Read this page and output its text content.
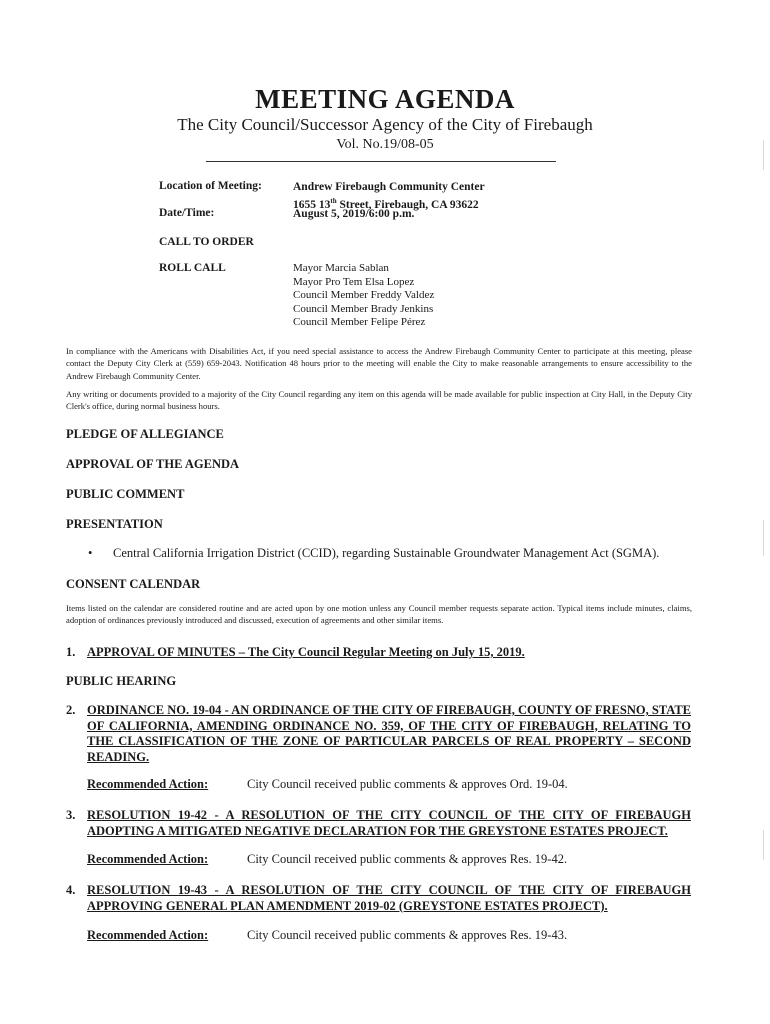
MEETING AGENDA
The City Council/Successor Agency of the City of Firebaugh
Vol. No.19/08-05
Location of Meeting:	Andrew Firebaugh Community Center
1655 13th Street, Firebaugh, CA 93622
Date/Time:	August 5, 2019/6:00 p.m.
CALL TO ORDER
ROLL CALL	Mayor Marcia Sablan
Mayor Pro Tem Elsa Lopez
Council Member Freddy Valdez
Council Member Brady Jenkins
Council Member Felipe Pérez
In compliance with the Americans with Disabilities Act, if you need special assistance to access the Andrew Firebaugh Community Center to participate at this meeting, please contact the Deputy City Clerk at (559) 659-2043. Notification 48 hours prior to the meeting will enable the City to make reasonable arrangements to ensure accessibility to the Andrew Firebaugh Community Center.
Any writing or documents provided to a majority of the City Council regarding any item on this agenda will be made available for public inspection at City Hall, in the Deputy City Clerk's office, during normal business hours.
PLEDGE OF ALLEGIANCE
APPROVAL OF THE AGENDA
PUBLIC COMMENT
PRESENTATION
• Central California Irrigation District (CCID), regarding Sustainable Groundwater Management Act (SGMA).
CONSENT CALENDAR
Items listed on the calendar are considered routine and are acted upon by one motion unless any Council member requests separate action. Typical items include minutes, claims, adoption of ordinances previously introduced and discussed, execution of agreements and other similar items.
1. APPROVAL OF MINUTES – The City Council Regular Meeting on July 15, 2019.
PUBLIC HEARING
2. ORDINANCE NO. 19-04 - AN ORDINANCE OF THE CITY OF FIREBAUGH, COUNTY OF FRESNO, STATE OF CALIFORNIA, AMENDING ORDINANCE NO. 359, OF THE CITY OF FIREBAUGH, RELATING TO THE CLASSIFICATION OF THE ZONE OF PARTICULAR PARCELS OF REAL PROPERTY – SECOND READING.
Recommended Action:	City Council received public comments & approves Ord. 19-04.
3. RESOLUTION 19-42 - A RESOLUTION OF THE CITY COUNCIL OF THE CITY OF FIREBAUGH ADOPTING A MITIGATED NEGATIVE DECLARATION FOR THE GREYSTONE ESTATES PROJECT.
Recommended Action:	City Council received public comments & approves Res. 19-42.
4. RESOLUTION 19-43 - A RESOLUTION OF THE CITY COUNCIL OF THE CITY OF FIREBAUGH APPROVING GENERAL PLAN AMENDMENT 2019-02 (GREYSTONE ESTATES PROJECT).
Recommended Action:	City Council received public comments & approves Res. 19-43.
